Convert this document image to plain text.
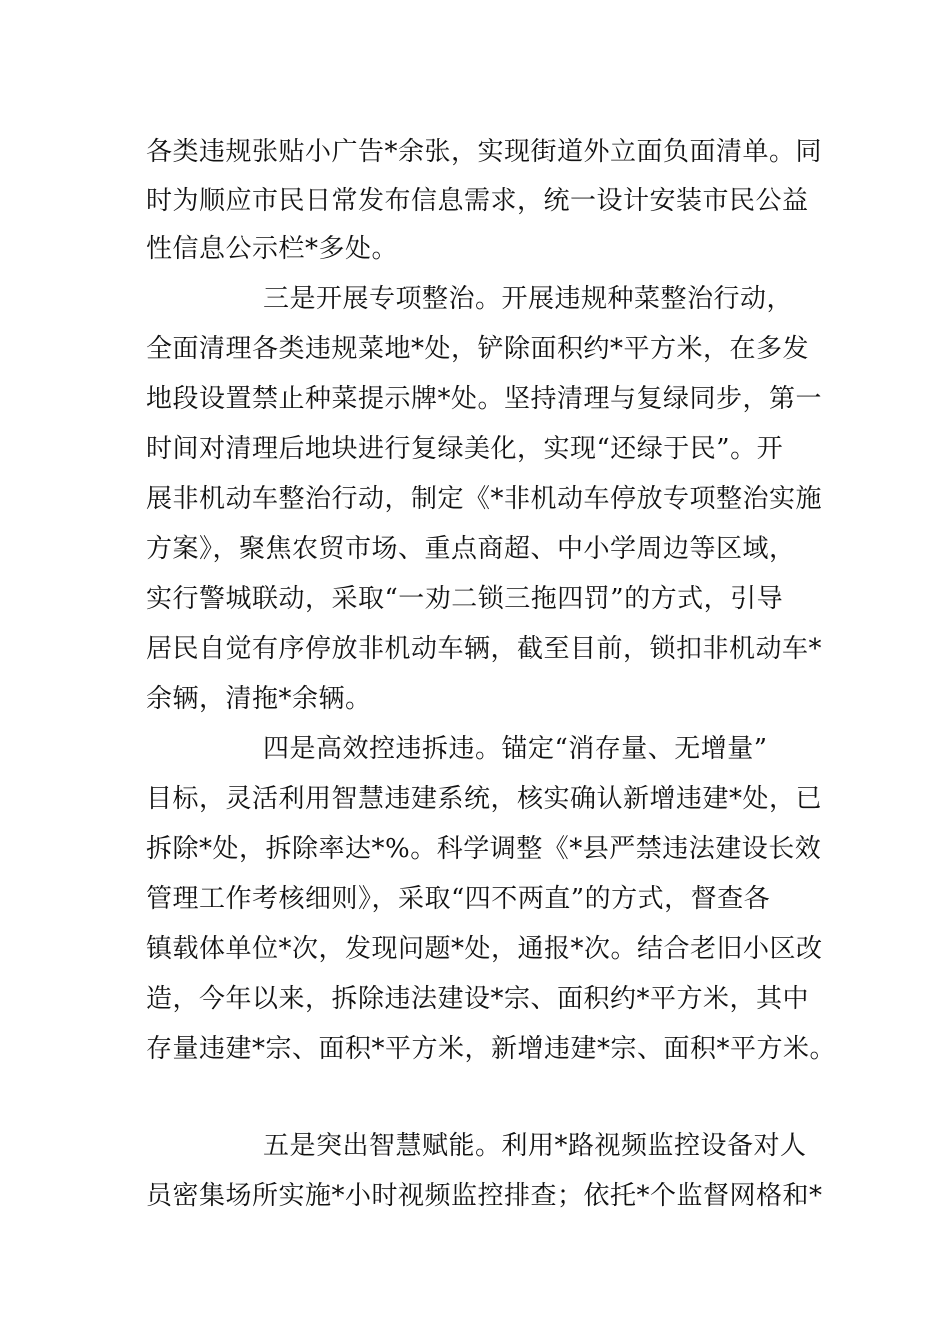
各类违规张贴小广告*余张，实现街道外立面负面清单。同
时为顺应市民日常发布信息需求，统一设计安装市民公益
性信息公示栏*多处。
三是开展专项整治。开展违规种菜整治行动，
全面清理各类违规菜地*处，铲除面积约*平方米，在多发
地段设置禁止种菜提示牌*处。坚持清理与复绿同步，第一
时间对清理后地块进行复绿美化，实现“还绿于民”。开
展非机动车整治行动，制定《*非机动车停放专项整治实施
方案》，聚焦农贸市场、重点商超、中小学周边等区域，
实行警城联动，采取“一劝二锁三拖四罚”的方式，引导
居民自觉有序停放非机动车辆，截至目前，锁扣非机动车*
余辆，清拖*余辆。
四是高效控违拆违。锚定“消存量、无增量”
目标，灵活利用智慧违建系统，核实确认新增违建*处，已
拆除*处，拆除率达*%。科学调整《*县严禁违法建设长效
管理工作考核细则》，采取“四不两直”的方式，督查各
镇载体单位*次，发现问题*处，通报*次。结合老旧小区改
造，今年以来，拆除违法建设*宗、面积约*平方米，其中
存量违建*宗、面积*平方米，新增违建*宗、面积*平方米。
五是突出智慧赋能。利用*路视频监控设备对人
员密集场所实施*小时视频监控排查；依托*个监督网格和*
